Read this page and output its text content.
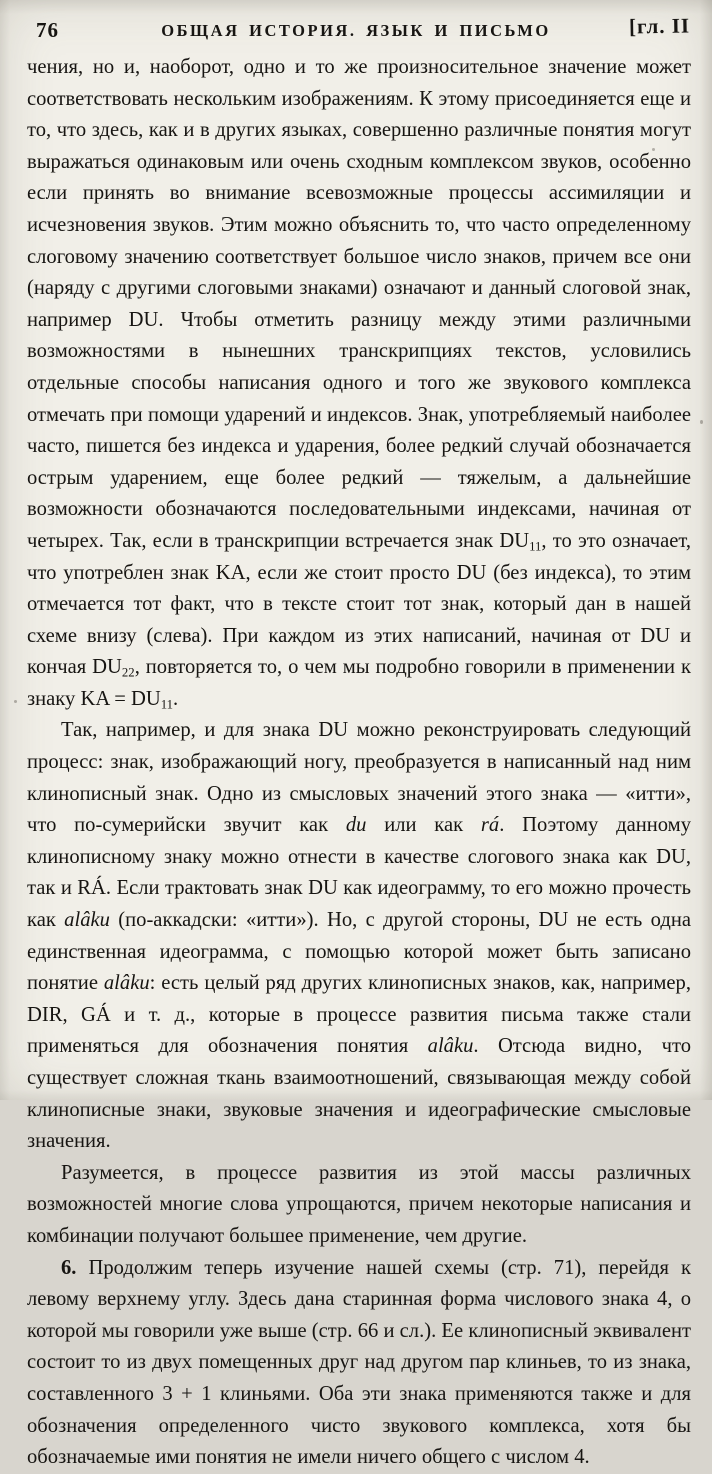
76	ОБЩАЯ ИСТОРИЯ. ЯЗЫК И ПИСЬМО	[гл. II

чения, но и, наоборот, одно и то же произносительное значение может соответствовать нескольким изображениям. К этому присоединяется еще и то, что здесь, как и в других языках, совершенно различные понятия могут выражаться одинаковым или очень сходным комплексом звуков, особенно если принять во внимание всевозможные процессы ассимиляции и исчезновения звуков. Этим можно объяснить то, что часто определенному слоговому значению соответствует большое число знаков, причем все они (наряду с другими слоговыми знаками) означают и данный слоговой знак, например DU. Чтобы отметить разницу между этими различными возможностями в нынешних транскрипциях текстов, условились отдельные способы написания одного и того же звукового комплекса отмечать при помощи ударений и индексов. Знак, употребляемый наиболее часто, пишется без индекса и ударения, более редкий случай обозначается острым ударением, еще более редкий — тяжелым, а дальнейшие возможности обозначаются последовательными индексами, начиная от четырех. Так, если в транскрипции встречается знак $DU_{11}$, то это означает, что употреблен знак KA, если же стоит просто DU (без индекса), то этим отмечается тот факт, что в тексте стоит тот знак, который дан в нашей схеме внизу (слева). При каждом из этих написаний, начиная от DU и кончая $DU_{22}$, повторяется то, о чем мы подробно говорили в применении к знаку KA = $DU_{11}$.

Так, например, и для знака DU можно реконструировать следующий процесс: знак, изображающий ногу, преобразуется в написанный над ним клинописный знак. Одно из смысловых значений этого знака — «итти», что по-сумерийски звучит как du или как rá. Поэтому данному клинописному знаку можно отнести в качестве слогового знака как DU, так и RÁ. Если трактовать знак DU как идеограмму, то его можно прочесть как alâku (по-аккадски: «итти»). Но, с другой стороны, DU не есть одна единственная идеограмма, с помощью которой может быть записано понятие alâku: есть целый ряд других клинописных знаков, как, например, DIR, GÁ и т. д., которые в процессе развития письма также стали применяться для обозначения понятия alâku. Отсюда видно, что существует сложная ткань взаимоотношений, связывающая между собой клинописные знаки, звуковые значения и идеографические смысловые значения.

Разумеется, в процессе развития из этой массы различных возможностей многие слова упрощаются, причем некоторые написания и комбинации получают большее применение, чем другие.

6. Продолжим теперь изучение нашей схемы (стр. 71), перейдя к левому верхнему углу. Здесь дана старинная форма числового знака 4, о которой мы говорили уже выше (стр. 66 и сл.). Ее клинописный эквивалент состоит то из двух помещенных друг над другом пар клиньев, то из знака, составленного 3 + 1 клиньями. Оба эти знака применяются также и для обозначения определенного чисто звукового комплекса, хотя бы обозначаемые ими понятия не имели ничего общего с числом 4.
